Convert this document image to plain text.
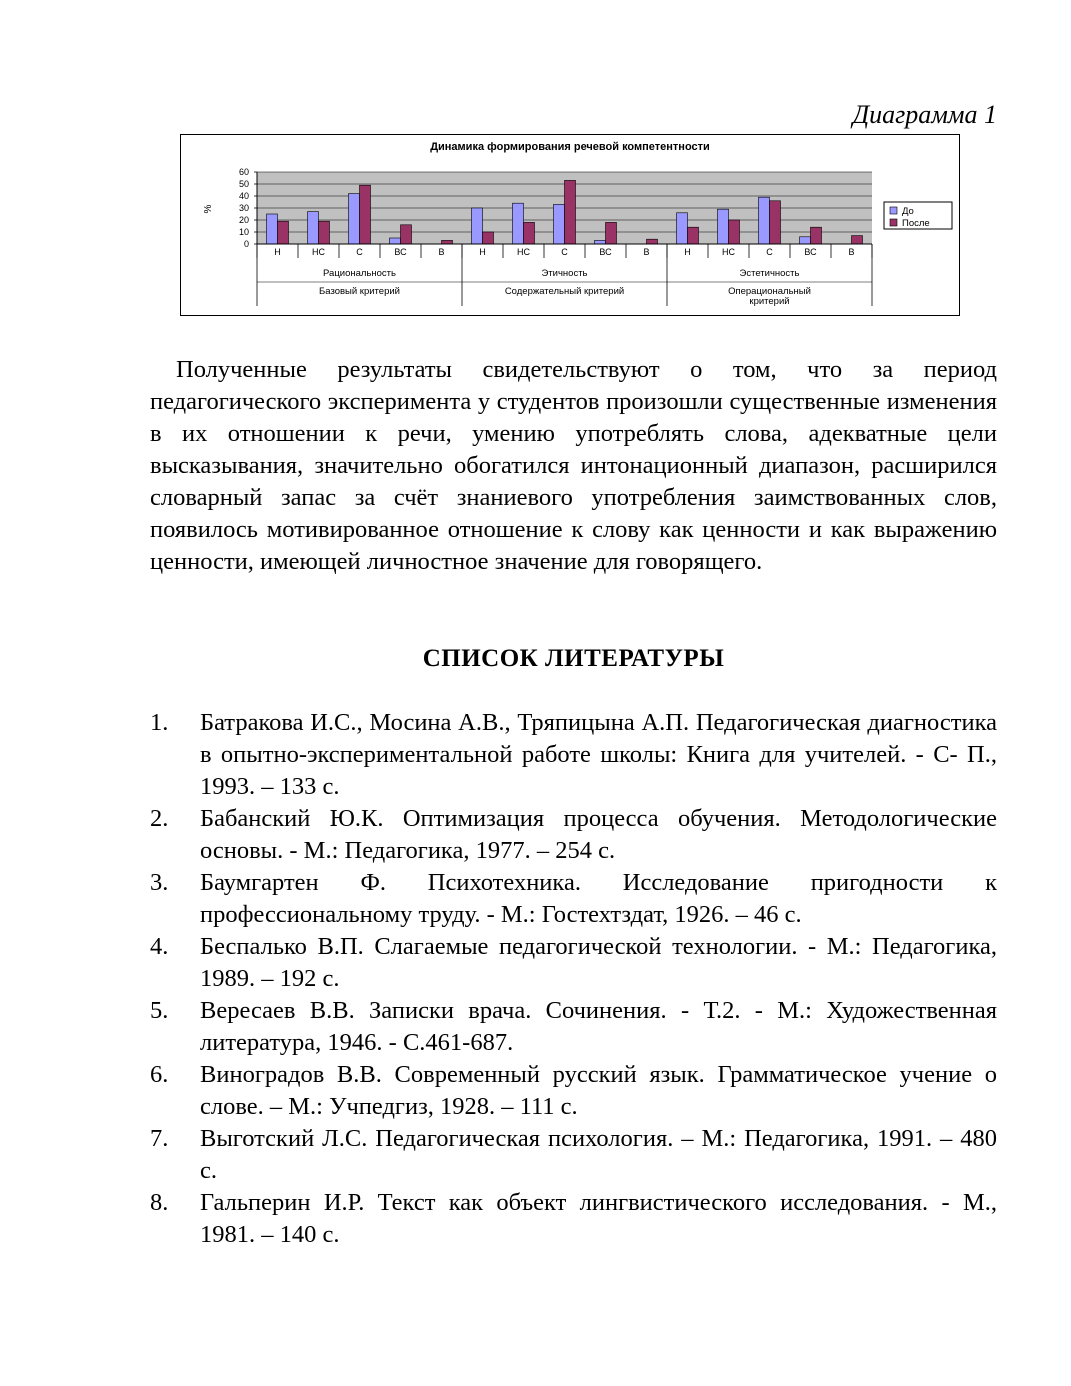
Диаграмма 1
Динамика формирования речевой компетентности
%
0
10
20
30
40
50
60
Н	НС	С	ВС	В	Н	НС	С	ВС	В	Н	НС	С	ВС	В
Рациональность
Базовый критерий
Этичность
Содержательный критерий
Эстетичность
Операциональный
критерий
До
После

Полученные результаты свидетельствуют о том, что за период педагогического эксперимента у студентов произошли существенные изменения в их отношении к речи, умению употреблять слова, адекватные цели высказывания, значительно обогатился интонационный диапазон, расширился словарный запас за счёт знаниевого употребления заимствованных слов, появилось мотивированное отношение к слову как ценности и как выражению ценности, имеющей личностное значение для говорящего.

СПИСОК ЛИТЕРАТУРЫ
1. Батракова И.С., Мосина А.В., Тряпицына А.П. Педагогическая диагностика в опытно-экспериментальной работе школы: Книга для учителей. - С- П., 1993. – 133 с.
2. Бабанский Ю.К. Оптимизация процесса обучения. Методологические основы. - М.: Педагогика, 1977. – 254 с.
3. Баумгартен Ф. Психотехника. Исследование пригодности к профессиональному труду. - М.: Гостехтздат, 1926. – 46 с.
4. Беспалько В.П. Слагаемые педагогической технологии. - М.: Педагогика, 1989. – 192 с.
5. Вересаев В.В. Записки врача. Сочинения. - Т.2. - М.: Художественная литература, 1946. - С.461-687.
6. Виноградов В.В. Современный русский язык. Грамматическое учение о слове. – М.: Учпедгиз, 1928. – 111 с.
7. Выготский Л.С. Педагогическая психология. – М.: Педагогика, 1991. – 480 с.
8. Гальперин И.Р. Текст как объект лингвистического исследования. - М., 1981. – 140 с.
